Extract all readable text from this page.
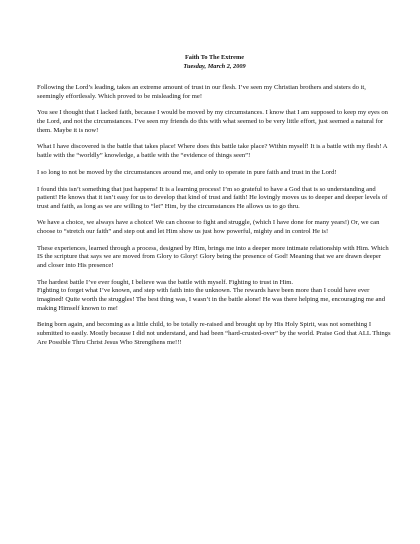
Faith To The Extreme
Tuesday, March 2, 2009

Following the Lord’s leading, takes an extreme amount of trust in our flesh. I’ve seen my Christian brothers and sisters do it, seemingly effortlessly. Which proved to be misleading for me!

You see I thought that I lacked faith, because I would be moved by my circumstances. I know that I am supposed to keep my eyes on the Lord, and not the circumstances. I’ve seen my friends do this with what seemed to be very little effort, just seemed a natural for them. Maybe it is now!

What I have discovered is the battle that takes place! Where does this battle take place? Within myself! It is a battle with my flesh! A battle with the “worldly” knowledge, a battle with the “evidence of things seen”!

I so long to not be moved by the circumstances around me, and only to operate in pure faith and trust in the Lord!

I found this isn’t something that just happens! It is a learning process! I’m so grateful to have a God that is so understanding and patient! He knows that it isn’t easy for us to develop that kind of trust and faith! He lovingly moves us to deeper and deeper levels of trust and faith, as long as we are willing to “let” Him, by the circumstances He allows us to go thru.

We have a choice, we always have a choice! We can choose to fight and struggle, (which I have done for many years!) Or, we can choose to “stretch our faith” and step out and let Him show us just how powerful, mighty and in control He is!

These experiences, learned through a process, designed by Him, brings me into a deeper more intimate relationship with Him. Which IS the scripture that says we are moved from Glory to Glory! Glory being the presence of God! Meaning that we are drawn deeper and closer into His presence!

The hardest battle I’ve ever fought, I believe was the battle with myself. Fighting to trust in Him.

Fighting to forget what I’ve known, and step with faith into the unknown. The rewards have been more than I could have ever imagined! Quite worth the struggles! The best thing was, I wasn’t in the battle alone! He was there helping me, encouraging me and making Himself known to me!

Being born again, and becoming as a little child, to be totally re-raised and brought up by His Holy Spirit, was not something I submitted to easily. Mostly because I did not understand, and had been “hard-crusted-over” by the world. Praise God that ALL Things Are Possible Thru Christ Jesus Who Strengthens me!!!
